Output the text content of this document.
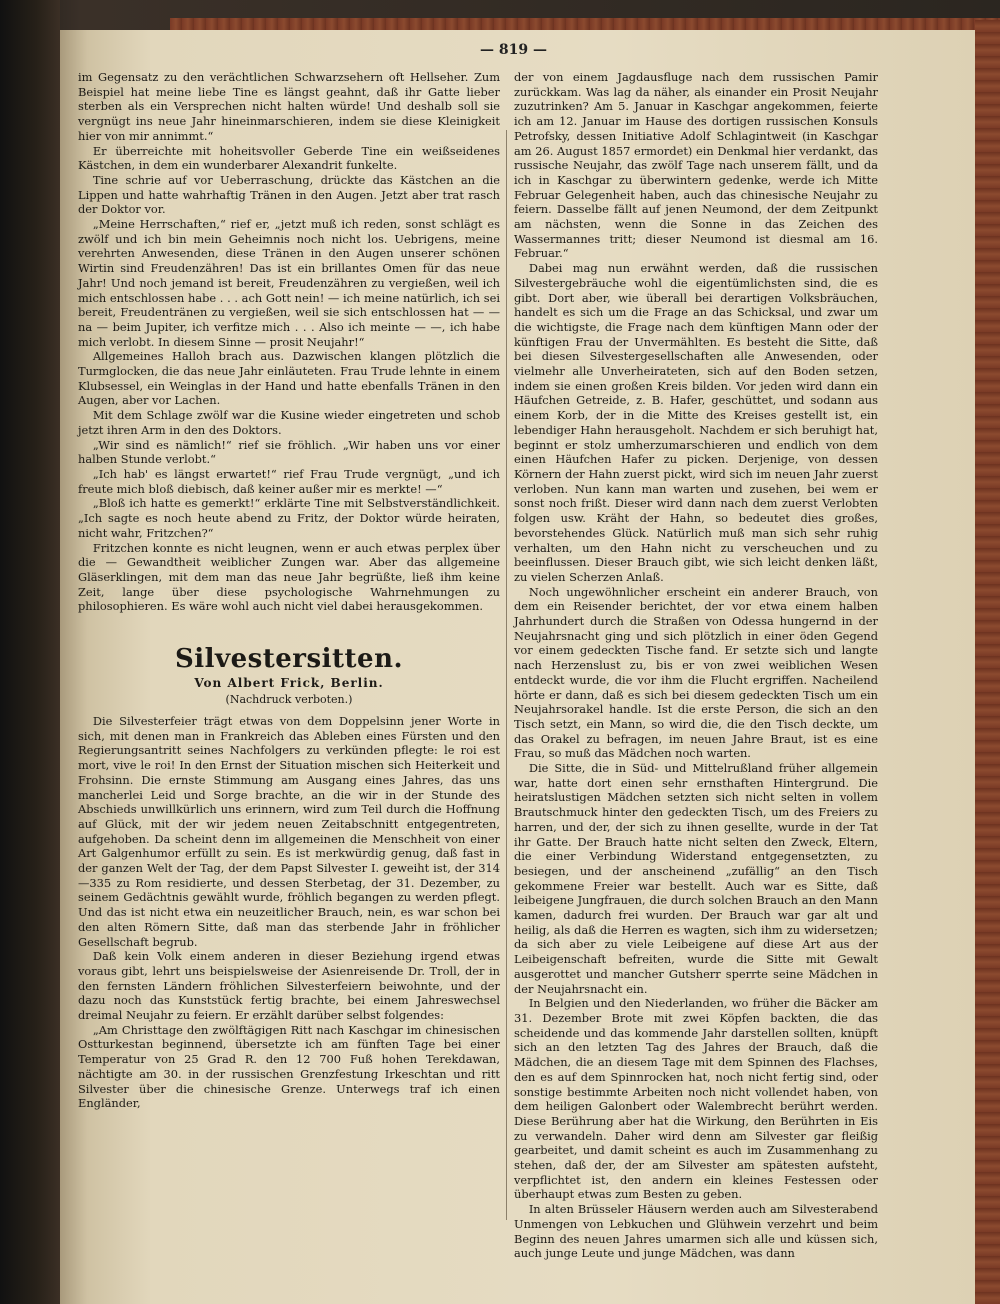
— 819 —

im Gegensatz zu den verächtlichen Schwarzsehern oft Hellseher. Zum Beispiel hat meine liebe Tine es längst geahnt, daß ihr Gatte lieber sterben als ein Versprechen nicht halten würde! Und deshalb soll sie vergnügt ins neue Jahr hineinmarschieren, indem sie diese Kleinigkeit hier von mir annimmt.“

Er überreichte mit hoheitsvoller Geberde Tine ein weißseidenes Kästchen, in dem ein wunderbarer Alexandrit funkelte.

Tine schrie auf vor Ueberraschung, drückte das Kästchen an die Lippen und hatte wahrhaftig Tränen in den Augen. Jetzt aber trat rasch der Doktor vor.

„Meine Herrschaften,“ rief er, „jetzt muß ich reden, sonst schlägt es zwölf und ich bin mein Geheimnis noch nicht los. Uebrigens, meine verehrten Anwesenden, diese Tränen in den Augen unserer schönen Wirtin sind Freudenzähren! Das ist ein brillantes Omen für das neue Jahr! Und noch jemand ist bereit, Freudenzähren zu vergießen, weil ich mich entschlossen habe . . . ach Gott nein! — ich meine natürlich, ich sei bereit, Freudentränen zu vergießen, weil sie sich entschlossen hat — — na — beim Jupiter, ich verfitze mich . . . Also ich meinte — —, ich habe mich verlobt. In diesem Sinne — prosit Neujahr!“

Allgemeines Halloh brach aus. Dazwischen klangen plötzlich die Turmglocken, die das neue Jahr einläuteten. Frau Trude lehnte in einem Klubsessel, ein Weinglas in der Hand und hatte ebenfalls Tränen in den Augen, aber vor Lachen.

Mit dem Schlage zwölf war die Kusine wieder eingetreten und schob jetzt ihren Arm in den des Doktors.

„Wir sind es nämlich!“ rief sie fröhlich. „Wir haben uns vor einer halben Stunde verlobt.“

„Ich hab' es längst erwartet!“ rief Frau Trude vergnügt, „und ich freute mich bloß diebisch, daß keiner außer mir es merkte! —“

„Bloß ich hatte es gemerkt!“ erklärte Tine mit Selbstverständlichkeit. „Ich sagte es noch heute abend zu Fritz, der Doktor würde heiraten, nicht wahr, Fritzchen?“

Fritzchen konnte es nicht leugnen, wenn er auch etwas perplex über die — Gewandtheit weiblicher Zungen war. Aber das allgemeine Gläserklingen, mit dem man das neue Jahr begrüßte, ließ ihm keine Zeit, lange über diese psychologische Wahrnehmungen zu philosophieren. Es wäre wohl auch nicht viel dabei herausgekommen.

Silvestersitten.
Von Albert Frick, Berlin.
(Nachdruck verboten.)

Die Silvesterfeier trägt etwas von dem Doppelsinn jener Worte in sich, mit denen man in Frankreich das Ableben eines Fürsten und den Regierungsantritt seines Nachfolgers zu verkünden pflegte: le roi est mort, vive le roi! In den Ernst der Situation mischen sich Heiterkeit und Frohsinn. Die ernste Stimmung am Ausgang eines Jahres, das uns mancherlei Leid und Sorge brachte, an die wir in der Stunde des Abschieds unwillkürlich uns erinnern, wird zum Teil durch die Hoffnung auf Glück, mit der wir jedem neuen Zeitabschnitt entgegentreten, aufgehoben. Da scheint denn im allgemeinen die Menschheit von einer Art Galgenhumor erfüllt zu sein. Es ist merkwürdig genug, daß fast in der ganzen Welt der Tag, der dem Papst Silvester I. geweiht ist, der 314—335 zu Rom residierte, und dessen Sterbetag, der 31. Dezember, zu seinem Gedächtnis gewählt wurde, fröhlich begangen zu werden pflegt. Und das ist nicht etwa ein neuzeitlicher Brauch, nein, es war schon bei den alten Römern Sitte, daß man das sterbende Jahr in fröhlicher Gesellschaft begrub.

Daß kein Volk einem anderen in dieser Beziehung irgend etwas voraus gibt, lehrt uns beispielsweise der Asienreisende Dr. Troll, der in den fernsten Ländern fröhlichen Silvesterfeiern beiwohnte, und der dazu noch das Kunststück fertig brachte, bei einem Jahreswechsel dreimal Neujahr zu feiern. Er erzählt darüber selbst folgendes:

„Am Christtage den zwölftägigen Ritt nach Kaschgar im chinesischen Ostturkestan beginnend, übersetzte ich am fünften Tage bei einer Temperatur von 25 Grad R. den 12 700 Fuß hohen Terekdawan, nächtigte am 30. in der russischen Grenzfestung Irkeschtan und ritt Silvester über die chinesische Grenze. Unterwegs traf ich einen Engländer,

der von einem Jagdausfluge nach dem russischen Pamir zurückkam. Was lag da näher, als einander ein Prosit Neujahr zuzutrinken? Am 5. Januar in Kaschgar angekommen, feierte ich am 12. Januar im Hause des dortigen russischen Konsuls Petrofsky, dessen Initiative Adolf Schlagintweit (in Kaschgar am 26. August 1857 ermordet) ein Denkmal hier verdankt, das russische Neujahr, das zwölf Tage nach unserem fällt, und da ich in Kaschgar zu überwintern gedenke, werde ich Mitte Februar Gelegenheit haben, auch das chinesische Neujahr zu feiern. Dasselbe fällt auf jenen Neumond, der dem Zeitpunkt am nächsten, wenn die Sonne in das Zeichen des Wassermannes tritt; dieser Neumond ist diesmal am 16. Februar.“

Dabei mag nun erwähnt werden, daß die russischen Silvestergebräuche wohl die eigentümlichsten sind, die es gibt. Dort aber, wie überall bei derartigen Volksbräuchen, handelt es sich um die Frage an das Schicksal, und zwar um die wichtigste, die Frage nach dem künftigen Mann oder der künftigen Frau der Unvermählten. Es besteht die Sitte, daß bei diesen Silvestergesellschaften alle Anwesenden, oder vielmehr alle Unverheirateten, sich auf den Boden setzen, indem sie einen großen Kreis bilden. Vor jeden wird dann ein Häufchen Getreide, z. B. Hafer, geschüttet, und sodann aus einem Korb, der in die Mitte des Kreises gestellt ist, ein lebendiger Hahn herausgeholt. Nachdem er sich beruhigt hat, beginnt er stolz umherzumarschieren und endlich von dem einen Häufchen Hafer zu picken. Derjenige, von dessen Körnern der Hahn zuerst pickt, wird sich im neuen Jahr zuerst verloben. Nun kann man warten und zusehen, bei wem er sonst noch frißt. Dieser wird dann nach dem zuerst Verlobten folgen usw. Kräht der Hahn, so bedeutet dies großes, bevorstehendes Glück. Natürlich muß man sich sehr ruhig verhalten, um den Hahn nicht zu verscheuchen und zu beeinflussen. Dieser Brauch gibt, wie sich leicht denken läßt, zu vielen Scherzen Anlaß.

Noch ungewöhnlicher erscheint ein anderer Brauch, von dem ein Reisender berichtet, der vor etwa einem halben Jahrhundert durch die Straßen von Odessa hungernd in der Neujahrsnacht ging und sich plötzlich in einer öden Gegend vor einem gedeckten Tische fand. Er setzte sich und langte nach Herzenslust zu, bis er von zwei weiblichen Wesen entdeckt wurde, die vor ihm die Flucht ergriffen. Nacheilend hörte er dann, daß es sich bei diesem gedeckten Tisch um ein Neujahrsorakel handle. Ist die erste Person, die sich an den Tisch setzt, ein Mann, so wird die, die den Tisch deckte, um das Orakel zu befragen, im neuen Jahre Braut, ist es eine Frau, so muß das Mädchen noch warten.

Die Sitte, die in Süd- und Mittelrußland früher allgemein war, hatte dort einen sehr ernsthaften Hintergrund. Die heiratslustigen Mädchen setzten sich nicht selten in vollem Brautschmuck hinter den gedeckten Tisch, um des Freiers zu harren, und der, der sich zu ihnen gesellte, wurde in der Tat ihr Gatte. Der Brauch hatte nicht selten den Zweck, Eltern, die einer Verbindung Widerstand entgegensetzten, zu besiegen, und der anscheinend „zufällig“ an den Tisch gekommene Freier war bestellt. Auch war es Sitte, daß leibeigene Jungfrauen, die durch solchen Brauch an den Mann kamen, dadurch frei wurden. Der Brauch war gar alt und heilig, als daß die Herren es wagten, sich ihm zu widersetzen; da sich aber zu viele Leibeigene auf diese Art aus der Leibeigenschaft befreiten, wurde die Sitte mit Gewalt ausgerottet und mancher Gutsherr sperrte seine Mädchen in der Neujahrsnacht ein.

In Belgien und den Niederlanden, wo früher die Bäcker am 31. Dezember Brote mit zwei Köpfen backten, die das scheidende und das kommende Jahr darstellen sollten, knüpft sich an den letzten Tag des Jahres der Brauch, daß die Mädchen, die an diesem Tage mit dem Spinnen des Flachses, den es auf dem Spinnrocken hat, noch nicht fertig sind, oder sonstige bestimmte Arbeiten noch nicht vollendet haben, von dem heiligen Galonbert oder Walembrecht berührt werden. Diese Berührung aber hat die Wirkung, den Berührten in Eis zu verwandeln. Daher wird denn am Silvester gar fleißig gearbeitet, und damit scheint es auch im Zusammenhang zu stehen, daß der, der am Silvester am spätesten aufsteht, verpflichtet ist, den andern ein kleines Festessen oder überhaupt etwas zum Besten zu geben.

In alten Brüsseler Häusern werden auch am Silvesterabend Unmengen von Lebkuchen und Glühwein verzehrt und beim Beginn des neuen Jahres umarmen sich alle und küssen sich, auch junge Leute und junge Mädchen, was dann
